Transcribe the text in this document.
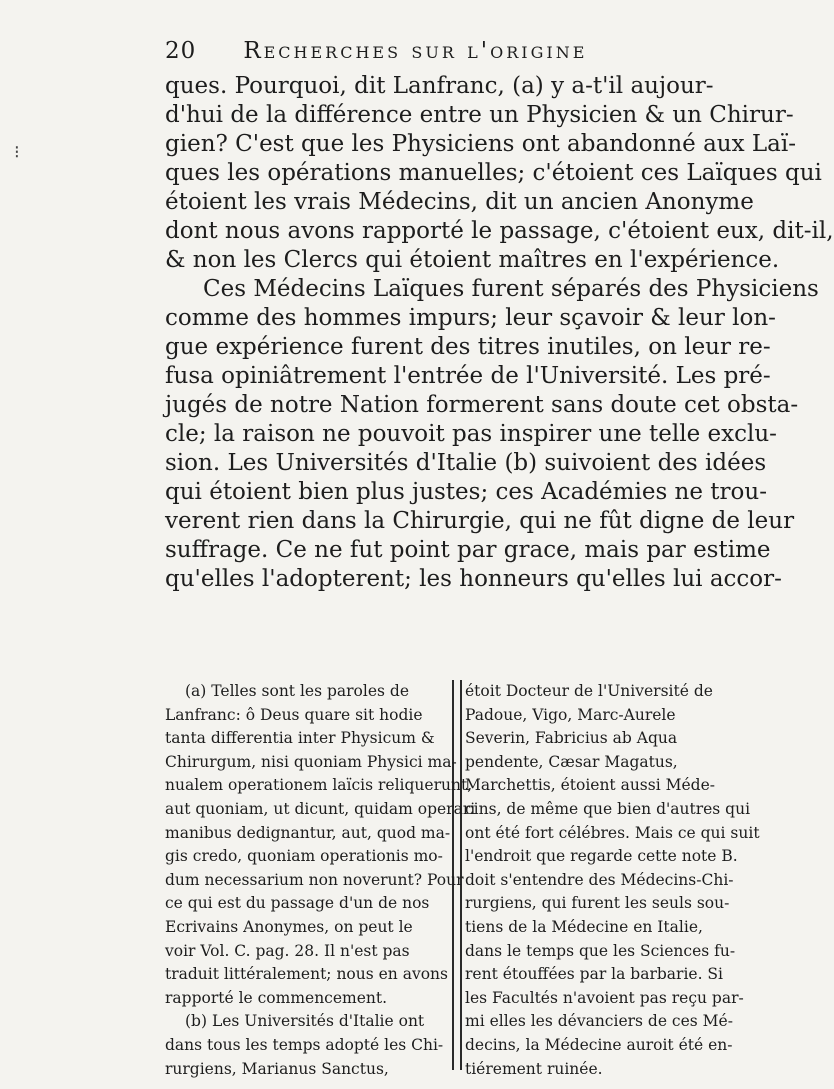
⁝
20 Recherches sur l'origine
ques. Pourquoi, dit Lanfranc, (a) y a-t'il aujour-
d'hui de la différence entre un Physicien & un Chirur-
gien? C'est que les Physiciens ont abandonné aux Laï-
ques les opérations manuelles; c'étoient ces Laïques qui
étoient les vrais Médecins, dit un ancien Anonyme
dont nous avons rapporté le passage, c'étoient eux, dit-il,
& non les Clercs qui étoient maîtres en l'expérience.
Ces Médecins Laïques furent séparés des Physiciens
comme des hommes impurs; leur sçavoir & leur lon-
gue expérience furent des titres inutiles, on leur re-
fusa opiniâtrement l'entrée de l'Université. Les pré-
jugés de notre Nation formerent sans doute cet obsta-
cle; la raison ne pouvoit pas inspirer une telle exclu-
sion. Les Universités d'Italie (b) suivoient des idées
qui étoient bien plus justes; ces Académies ne trou-
verent rien dans la Chirurgie, qui ne fût digne de leur
suffrage. Ce ne fut point par grace, mais par estime
qu'elles l'adopterent; les honneurs qu'elles lui accor-
(a) Telles sont les paroles de
Lanfranc: ô Deus quare sit hodie
tanta differentia inter Physicum &
Chirurgum, nisi quoniam Physici ma-
nualem operationem laïcis reliquerunt,
aut quoniam, ut dicunt, quidam operari
manibus dedignantur, aut, quod ma-
gis credo, quoniam operationis mo-
dum necessarium non noverunt? Pour
ce qui est du passage d'un de nos
Ecrivains Anonymes, on peut le
voir Vol. C. pag. 28. Il n'est pas
traduit littéralement; nous en avons
rapporté le commencement.
(b) Les Universités d'Italie ont
dans tous les temps adopté les Chi-
rurgiens, Marianus Sanctus,
étoit Docteur de l'Université de
Padoue, Vigo, Marc-Aurele
Severin, Fabricius ab Aqua
pendente, Cæsar Magatus,
Marchettis, étoient aussi Méde-
cins, de même que bien d'autres qui
ont été fort célébres. Mais ce qui suit
l'endroit que regarde cette note B.
doit s'entendre des Médecins-Chi-
rurgiens, qui furent les seuls sou-
tiens de la Médecine en Italie,
dans le temps que les Sciences fu-
rent étouffées par la barbarie. Si
les Facultés n'avoient pas reçu par-
mi elles les dévanciers de ces Mé-
decins, la Médecine auroit été en-
tiérement ruinée.
